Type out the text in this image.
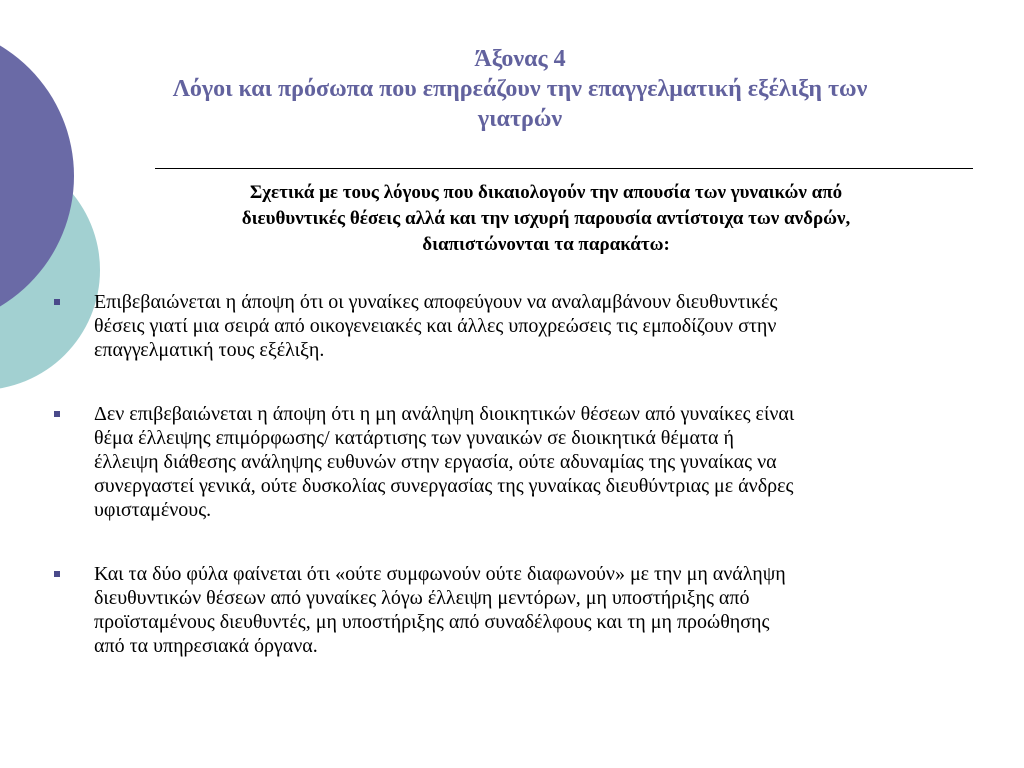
Άξονας 4
Λόγοι και πρόσωπα που επηρεάζουν την επαγγελματική εξέλιξη των
γιατρών

Σχετικά με τους λόγους που δικαιολογούν την απουσία των γυναικών από
διευθυντικές θέσεις αλλά και την ισχυρή παρουσία αντίστοιχα των ανδρών,
διαπιστώνονται τα παρακάτω:

Επιβεβαιώνεται η άποψη ότι οι γυναίκες αποφεύγουν να αναλαμβάνουν διευθυντικές
θέσεις γιατί μια σειρά από οικογενειακές και άλλες υποχρεώσεις τις εμποδίζουν στην
επαγγελματική τους εξέλιξη.
Δεν επιβεβαιώνεται η άποψη ότι η μη ανάληψη διοικητικών θέσεων από γυναίκες είναι
θέμα έλλειψης επιμόρφωσης/ κατάρτισης των γυναικών σε διοικητικά θέματα ή
έλλειψη διάθεσης ανάληψης ευθυνών στην εργασία, ούτε αδυναμίας της γυναίκας να
συνεργαστεί γενικά, ούτε δυσκολίας συνεργασίας της γυναίκας διευθύντριας με άνδρες
υφισταμένους.
Και τα δύο φύλα φαίνεται ότι «ούτε συμφωνούν ούτε διαφωνούν» με την μη ανάληψη
διευθυντικών θέσεων από γυναίκες λόγω έλλειψη μεντόρων, μη υποστήριξης από
προϊσταμένους διευθυντές, μη υποστήριξης από συναδέλφους και τη μη προώθησης
από τα υπηρεσιακά όργανα.
